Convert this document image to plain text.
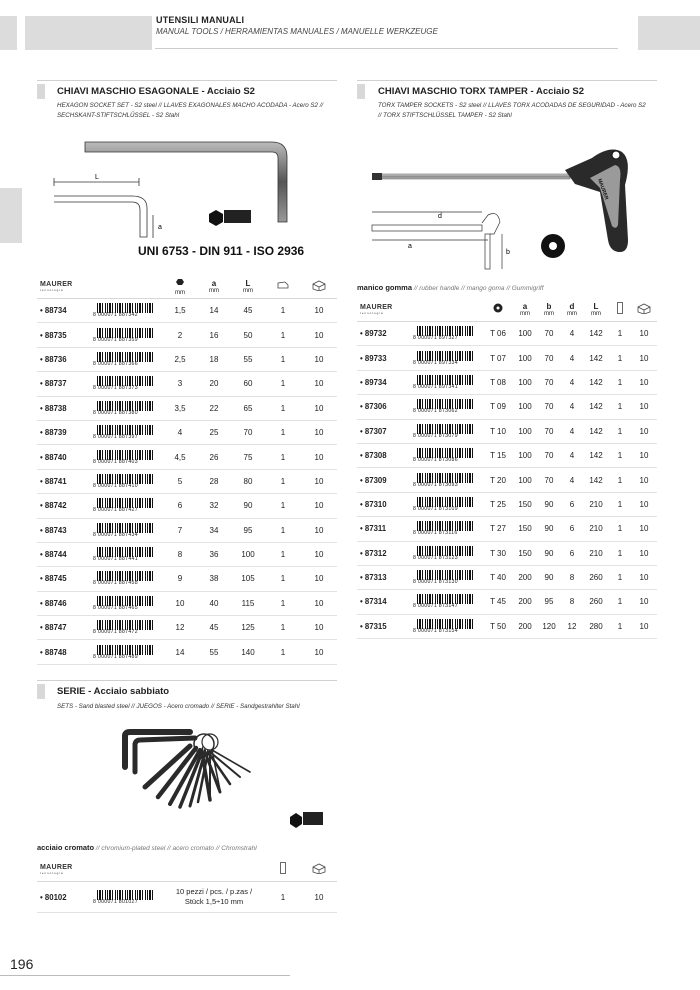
UTENSILI MANUALI
MANUAL TOOLS / HERRAMIENTAS MANUALES / MANUELLE WERKZEUGE
CHIAVI MASCHIO ESAGONALE - Acciaio S2
HEXAGON SOCKET SET - S2 steel // LLAVES EXAGONALES MACHO ACODADA - Acero S2 //
SECHSKANT-STIFTSCHLÜSSEL - S2 Stahl
L
a
UNI 6753 - DIN 911 - ISO 2936
MAURER
tecnologia		mm	a
mm	L
mm

• 88734	8 000071 887342	1,5	14	45	1	10
• 88735	8 000071 887359	2	16	50	1	10
• 88736	8 000071 887366	2,5	18	55	1	10
• 88737	8 000071 887373	3	20	60	1	10
• 88738	8 000071 887380	3,5	22	65	1	10
• 88739	8 000071 887397	4	25	70	1	10
• 88740	8 000071 887403	4,5	26	75	1	10
• 88741	8 000071 887410	5	28	80	1	10
• 88742	8 000071 887427	6	32	90	1	10
• 88743	8 000071 887434	7	34	95	1	10
• 88744	8 000071 887441	8	36	100	1	10
• 88745	8 000071 887458	9	38	105	1	10
• 88746	8 000071 887465	10	40	115	1	10
• 88747	8 000071 887472	12	45	125	1	10
• 88748	8 000071 887489	14	55	140	1	10
CHIAVI MASCHIO TORX TAMPER - Acciaio S2
TORX TAMPER SOCKETS - S2 steel // LLAVES TORX ACODADAS DE SEGURIDAD - Acero S2
// TORX STIFTSCHLÜSSEL TAMPER - S2 Stahl
MAURER
d
a
b
manico gomma // rubber handle // mango goma // Gummigriff
MAURER
tecnologia			a
mm	b
mm	d
mm	L
mm

• 89732	8 000071 897327	T 06	100	70	4	142	1	10
• 89733	8 000071 897334	T 07	100	70	4	142	1	10
• 89734	8 000071 897341	T 08	100	70	4	142	1	10
• 87306	8 000071 873062	T 09	100	70	4	142	1	10
• 87307	8 000071 873079	T 10	100	70	4	142	1	10
• 87308	8 000071 873086	T 15	100	70	4	142	1	10
• 87309	8 000071 873093	T 20	100	70	4	142	1	10
• 87310	8 000071 873109	T 25	150	90	6	210	1	10
• 87311	8 000071 873116	T 27	150	90	6	210	1	10
• 87312	8 000071 873123	T 30	150	90	6	210	1	10
• 87313	8 000071 873130	T 40	200	90	8	260	1	10
• 87314	8 000071 873147	T 45	200	95	8	260	1	10
• 87315	8 000071 873154	T 50	200	120	12	280	1	10
SERIE - Acciaio sabbiato
SETS - Sand blasted steel // JUEGOS - Acero cromado // SERIE - Sandgestrahlter Stahl
acciaio cromato // chromium-plated steel // acero cromato // Chromstrahl
MAURER
tecnologia

• 80102	8 000071 801027	10 pezzi / pcs. / p.zas /
Stück 1,5÷10 mm	1	10
196
